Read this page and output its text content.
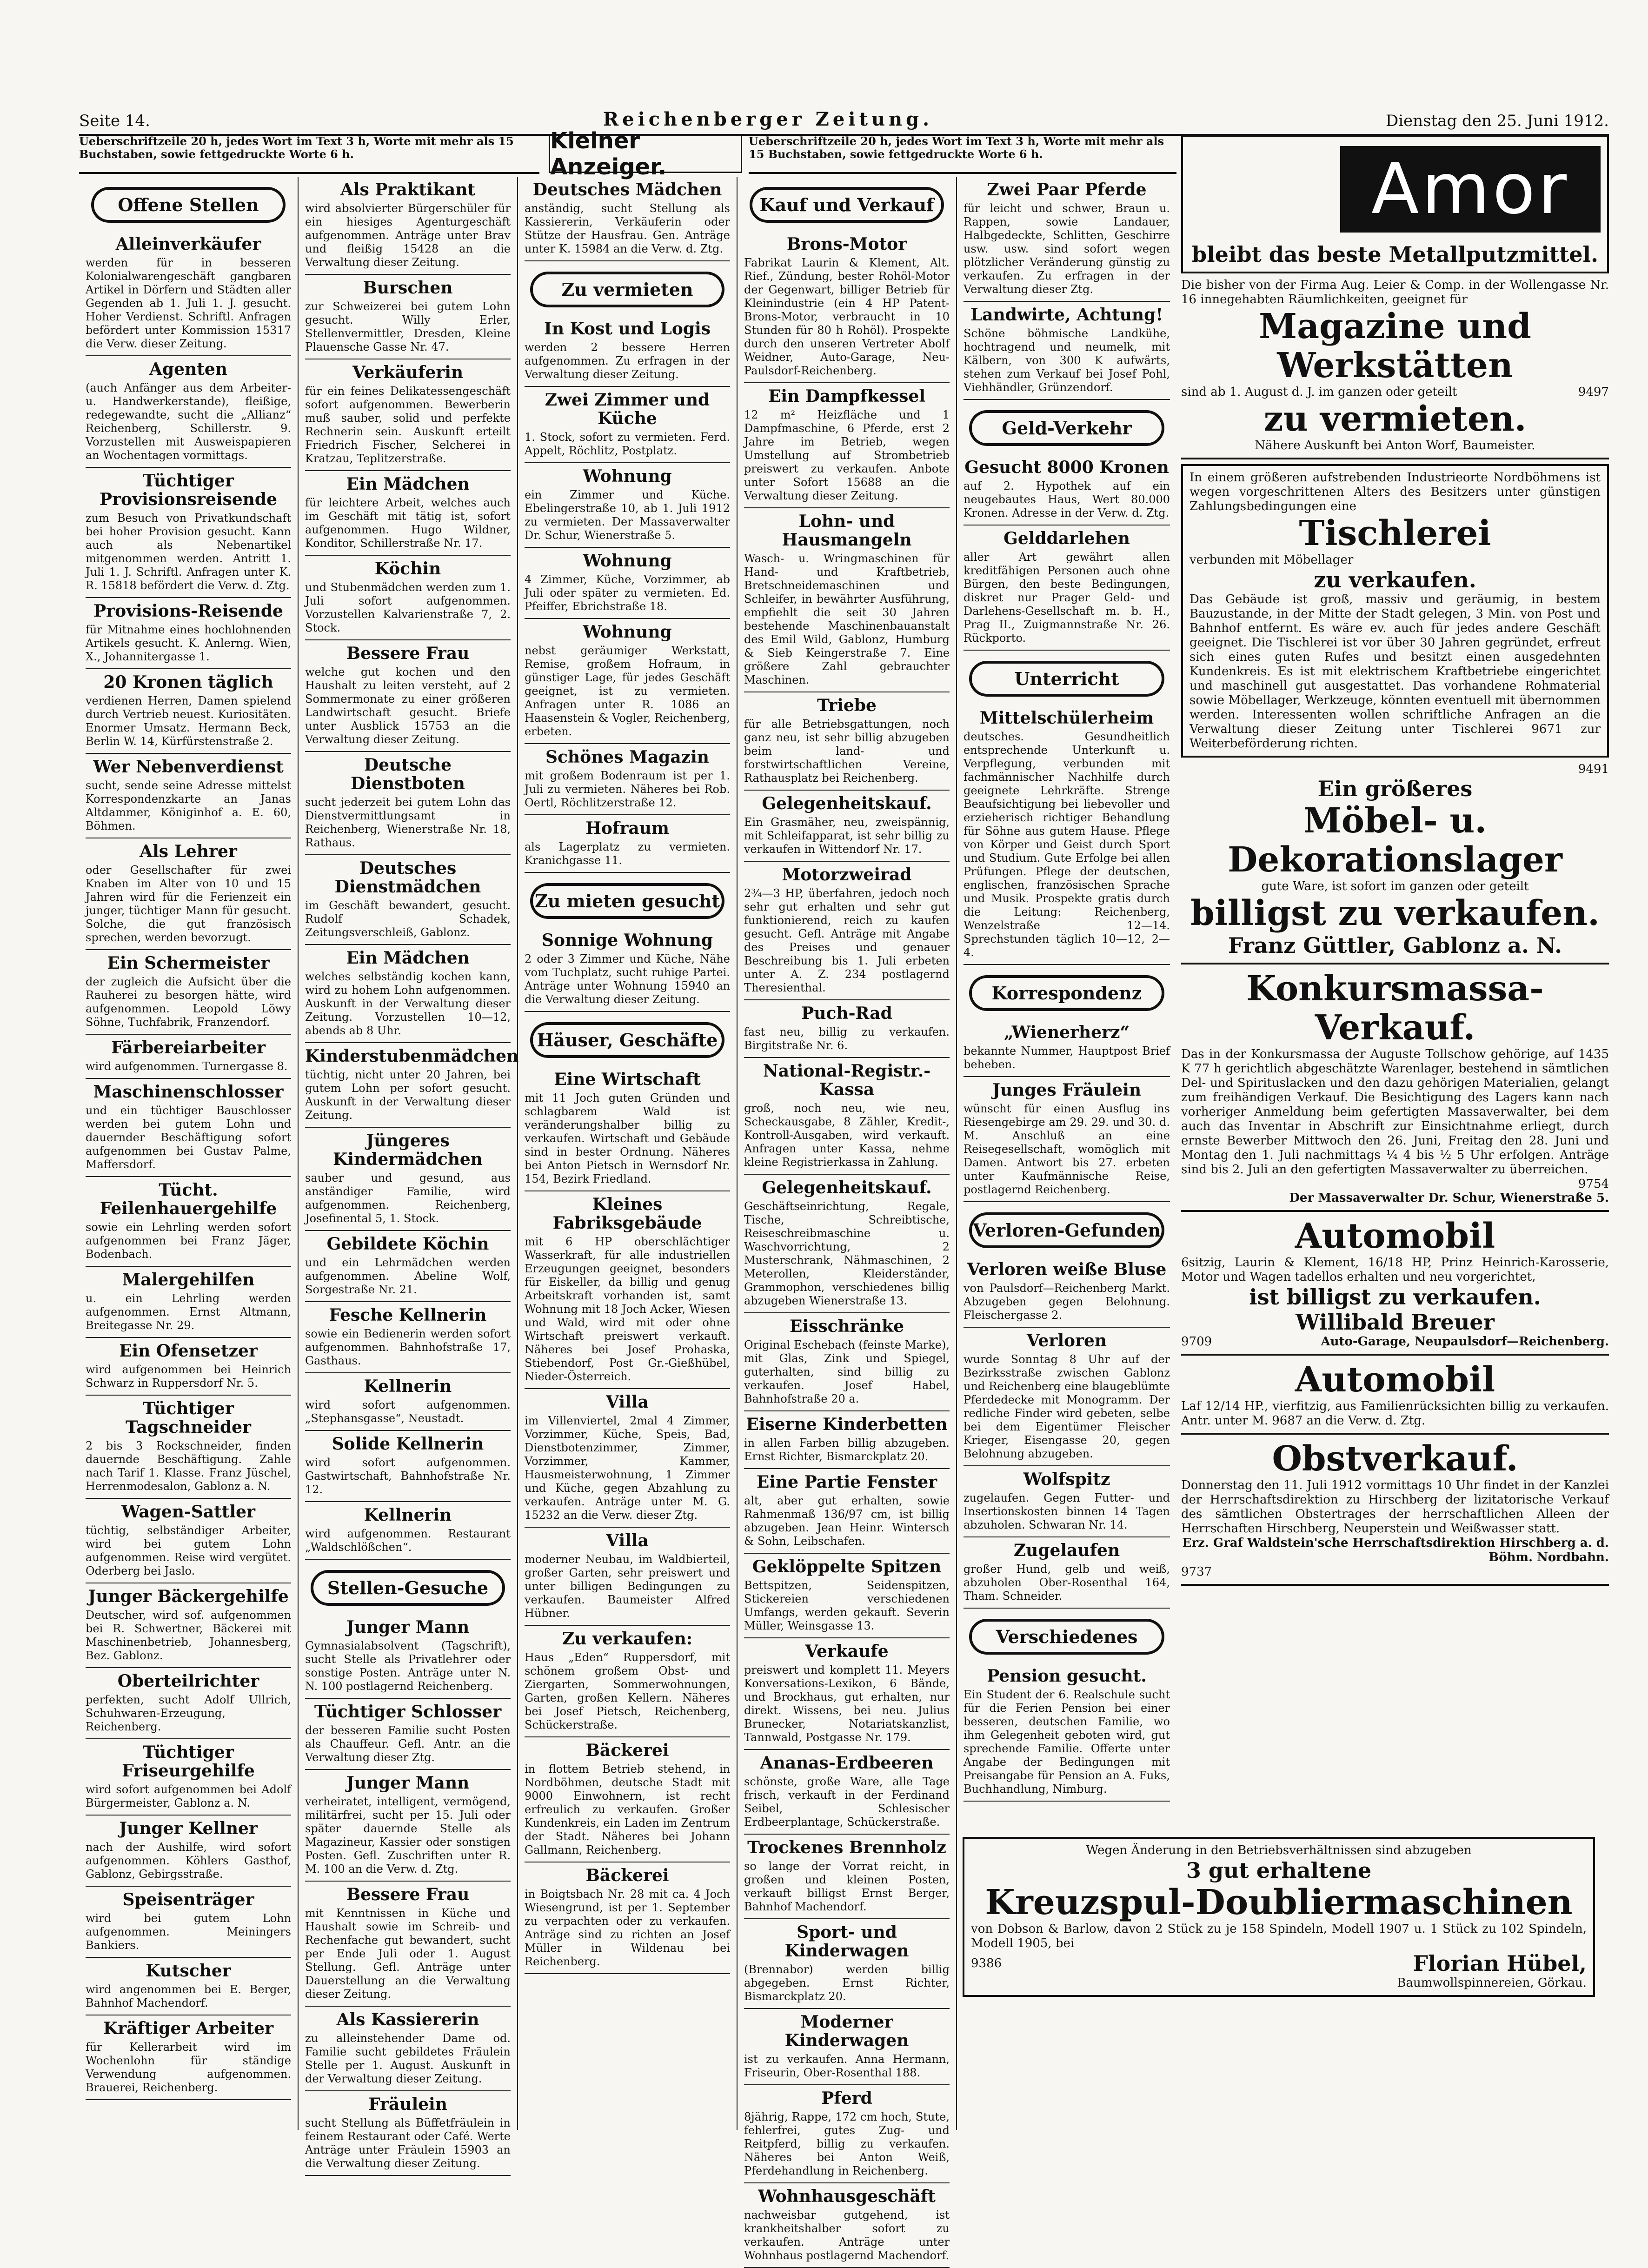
Seite 14.	Reichenberger Zeitung.	Dienstag den 25. Juni 1912.
Ueberschriftzeile 20 h, jedes Wort im Text 3 h, Worte mit mehr als 15 Buchstaben, sowie fettgedruckte Worte 6 h.
Kleiner Anzeiger.
Ueberschriftzeile 20 h, jedes Wort im Text 3 h, Worte mit mehr als 15 Buchstaben, sowie fettgedruckte Worte 6 h.
Offene Stellen
Alleinverkäufer

werden für in besseren Kolonialwarengeschäft gangbaren Artikel in Dörfern und Städten aller Gegenden ab 1. Juli 1. J. gesucht. Hoher Verdienst. Schriftl. Anfragen befördert unter Kommission 15317 die Verw. dieser Zeitung.

Agenten

(auch Anfänger aus dem Arbeiter- u. Handwerkerstande), fleißige, redegewandte, sucht die „Allianz“ Reichenberg, Schillerstr. 9. Vorzustellen mit Ausweispapieren an Wochentagen vormittags.

Tüchtiger Provisionsreisende

zum Besuch von Privatkundschaft bei hoher Provision gesucht. Kann auch als Nebenartikel mitgenommen werden. Antritt 1. Juli 1. J. Schriftl. Anfragen unter K. R. 15818 befördert die Verw. d. Ztg.

Provisions-Reisende

für Mitnahme eines hochlohnenden Artikels gesucht. K. Anlerng. Wien, X., Johannitergasse 1.

20 Kronen täglich

verdienen Herren, Damen spielend durch Vertrieb neuest. Kuriositäten. Enormer Umsatz. Hermann Beck, Berlin W. 14, Kürfürstenstraße 2.

Wer Nebenverdienst

sucht, sende seine Adresse mittelst Korrespondenzkarte an Janas Altdammer, Königinhof a. E. 60, Böhmen.

Als Lehrer

oder Gesellschafter für zwei Knaben im Alter von 10 und 15 Jahren wird für die Ferienzeit ein junger, tüchtiger Mann für gesucht. Solche, die gut französisch sprechen, werden bevorzugt.

Ein Schermeister

der zugleich die Aufsicht über die Rauherei zu besorgen hätte, wird aufgenommen. Leopold Löwy Söhne, Tuchfabrik, Franzendorf.

Färbereiarbeiter

wird aufgenommen. Turnergasse 8.

Maschinenschlosser

und ein tüchtiger Bauschlosser werden bei gutem Lohn und dauernder Beschäftigung sofort aufgenommen bei Gustav Palme, Maffersdorf.

Tücht. Feilenhauergehilfe

sowie ein Lehrling werden sofort aufgenommen bei Franz Jäger, Bodenbach.

Malergehilfen

u. ein Lehrling werden aufgenommen. Ernst Altmann, Breitegasse Nr. 29.

Ein Ofensetzer

wird aufgenommen bei Heinrich Schwarz in Ruppersdorf Nr. 5.

Tüchtiger Tagschneider

2 bis 3 Rockschneider, finden dauernde Beschäftigung. Zahle nach Tarif 1. Klasse. Franz Jüschel, Herrenmodesalon, Gablonz a. N.

Wagen-Sattler

tüchtig, selbständiger Arbeiter, wird bei gutem Lohn aufgenommen. Reise wird vergütet. Oderberg bei Jaslo.

Junger Bäckergehilfe

Deutscher, wird sof. aufgenommen bei R. Schwertner, Bäckerei mit Maschinenbetrieb, Johannesberg, Bez. Gablonz.

Oberteilrichter

perfekten, sucht Adolf Ullrich, Schuhwaren-Erzeugung, Reichenberg.

Tüchtiger Friseurgehilfe

wird sofort aufgenommen bei Adolf Bürgermeister, Gablonz a. N.

Junger Kellner

nach der Aushilfe, wird sofort aufgenommen. Köhlers Gasthof, Gablonz, Gebirgsstraße.

Speisenträger

wird bei gutem Lohn aufgenommen. Meiningers Bankiers.

Kutscher

wird angenommen bei E. Berger, Bahnhof Machendorf.

Kräftiger Arbeiter

für Kellerarbeit wird im Wochenlohn für ständige Verwendung aufgenommen. Brauerei, Reichenberg.

Als Praktikant

wird absolvierter Bürgerschüler für ein hiesiges Agenturgeschäft aufgenommen. Anträge unter Brav und fleißig 15428 an die Verwaltung dieser Zeitung.

Burschen

zur Schweizerei bei gutem Lohn gesucht. Willy Erler, Stellenvermittler, Dresden, Kleine Plauensche Gasse Nr. 47.

Verkäuferin

für ein feines Delikatessengeschäft sofort aufgenommen. Bewerberin muß sauber, solid und perfekte Rechnerin sein. Auskunft erteilt Friedrich Fischer, Selcherei in Kratzau, Teplitzerstraße.

Ein Mädchen

für leichtere Arbeit, welches auch im Geschäft mit tätig ist, sofort aufgenommen. Hugo Wildner, Konditor, Schillerstraße Nr. 17.

Köchin

und Stubenmädchen werden zum 1. Juli sofort aufgenommen. Vorzustellen Kalvarienstraße 7, 2. Stock.

Bessere Frau

welche gut kochen und den Haushalt zu leiten versteht, auf 2 Sommermonate zu einer größeren Landwirtschaft gesucht. Briefe unter Ausblick 15753 an die Verwaltung dieser Zeitung.

Deutsche Dienstboten

sucht jederzeit bei gutem Lohn das Dienstvermittlungsamt in Reichenberg, Wienerstraße Nr. 18, Rathaus.

Deutsches Dienstmädchen

im Geschäft bewandert, gesucht. Rudolf Schadek, Zeitungsverschleiß, Gablonz.

Ein Mädchen

welches selbständig kochen kann, wird zu hohem Lohn aufgenommen. Auskunft in der Verwaltung dieser Zeitung. Vorzustellen 10—12, abends ab 8 Uhr.

Kinderstubenmädchen

tüchtig, nicht unter 20 Jahren, bei gutem Lohn per sofort gesucht. Auskunft in der Verwaltung dieser Zeitung.

Jüngeres Kindermädchen

sauber und gesund, aus anständiger Familie, wird aufgenommen. Reichenberg, Josefinental 5, 1. Stock.

Gebildete Köchin

und ein Lehrmädchen werden aufgenommen. Abeline Wolf, Sorgestraße Nr. 21.

Fesche Kellnerin

sowie ein Bedienerin werden sofort aufgenommen. Bahnhofstraße 17, Gasthaus.

Kellnerin

wird sofort aufgenommen. „Stephansgasse“, Neustadt.

Solide Kellnerin

wird sofort aufgenommen. Gastwirtschaft, Bahnhofstraße Nr. 12.

Kellnerin

wird aufgenommen. Restaurant „Waldschlößchen“.

Stellen-Gesuche
Junger Mann

Gymnasialabsolvent (Tagschrift), sucht Stelle als Privatlehrer oder sonstige Posten. Anträge unter N. N. 100 postlagernd Reichenberg.

Tüchtiger Schlosser

der besseren Familie sucht Posten als Chauffeur. Gefl. Antr. an die Verwaltung dieser Ztg.

Junger Mann

verheiratet, intelligent, vermögend, militärfrei, sucht per 15. Juli oder später dauernde Stelle als Magazineur, Kassier oder sonstigen Posten. Gefl. Zuschriften unter R. M. 100 an die Verw. d. Ztg.

Bessere Frau

mit Kenntnissen in Küche und Haushalt sowie im Schreib- und Rechenfache gut bewandert, sucht per Ende Juli oder 1. August Stellung. Gefl. Anträge unter Dauerstellung an die Verwaltung dieser Zeitung.

Als Kassiererin

zu alleinstehender Dame od. Familie sucht gebildetes Fräulein Stelle per 1. August. Auskunft in der Verwaltung dieser Zeitung.

Fräulein

sucht Stellung als Büffetfräulein in feinem Restaurant oder Café. Werte Anträge unter Fräulein 15903 an die Verwaltung dieser Zeitung.

Deutsches Mädchen

anständig, sucht Stellung als Kassiererin, Verkäuferin oder Stütze der Hausfrau. Gen. Anträge unter K. 15984 an die Verw. d. Ztg.

Zu vermieten
In Kost und Logis

werden 2 bessere Herren aufgenommen. Zu erfragen in der Verwaltung dieser Zeitung.

Zwei Zimmer und Küche

1. Stock, sofort zu vermieten. Ferd. Appelt, Röchlitz, Postplatz.

Wohnung

ein Zimmer und Küche. Ebelingerstraße 10, ab 1. Juli 1912 zu vermieten. Der Massaverwalter Dr. Schur, Wienerstraße 5.

Wohnung

4 Zimmer, Küche, Vorzimmer, ab Juli oder später zu vermieten. Ed. Pfeiffer, Ebrichstraße 18.

Wohnung

nebst geräumiger Werkstatt, Remise, großem Hofraum, in günstiger Lage, für jedes Geschäft geeignet, ist zu vermieten. Anfragen unter R. 1086 an Haasenstein & Vogler, Reichenberg, erbeten.

Schönes Magazin

mit großem Bodenraum ist per 1. Juli zu vermieten. Näheres bei Rob. Oertl, Röchlitzerstraße 12.

Hofraum

als Lagerplatz zu vermieten. Kranichgasse 11.

Zu mieten gesucht
Sonnige Wohnung

2 oder 3 Zimmer und Küche, Nähe vom Tuchplatz, sucht ruhige Partei. Anträge unter Wohnung 15940 an die Verwaltung dieser Zeitung.

Häuser, Geschäfte
Eine Wirtschaft

mit 11 Joch guten Gründen und schlagbarem Wald ist veränderungshalber billig zu verkaufen. Wirtschaft und Gebäude sind in bester Ordnung. Näheres bei Anton Pietsch in Wernsdorf Nr. 154, Bezirk Friedland.

Kleines Fabriksgebäude

mit 6 HP oberschlächtiger Wasserkraft, für alle industriellen Erzeugungen geeignet, besonders für Eiskeller, da billig und genug Arbeitskraft vorhanden ist, samt Wohnung mit 18 Joch Acker, Wiesen und Wald, wird mit oder ohne Wirtschaft preiswert verkauft. Näheres bei Josef Prohaska, Stiebendorf, Post Gr.-Gießhübel, Nieder-Österreich.

Villa

im Villenviertel, 2mal 4 Zimmer, Vorzimmer, Küche, Speis, Bad, Dienstbotenzimmer, Zimmer, Vorzimmer, Kammer, Hausmeisterwohnung, 1 Zimmer und Küche, gegen Abzahlung zu verkaufen. Anträge unter M. G. 15232 an die Verw. dieser Ztg.

Villa

moderner Neubau, im Waldbierteil, großer Garten, sehr preiswert und unter billigen Bedingungen zu verkaufen. Baumeister Alfred Hübner.

Zu verkaufen:

Haus „Eden“ Ruppersdorf, mit schönem großem Obst- und Ziergarten, Sommerwohnungen, Garten, großen Kellern. Näheres bei Josef Pietsch, Reichenberg, Schückerstraße.

Bäckerei

in flottem Betrieb stehend, in Nordböhmen, deutsche Stadt mit 9000 Einwohnern, ist recht erfreulich zu verkaufen. Großer Kundenkreis, ein Laden im Zentrum der Stadt. Näheres bei Johann Gallmann, Reichenberg.

Bäckerei

in Boigtsbach Nr. 28 mit ca. 4 Joch Wiesengrund, ist per 1. September zu verpachten oder zu verkaufen. Anträge sind zu richten an Josef Müller in Wildenau bei Reichenberg.

Kauf und Verkauf
Brons-Motor

Fabrikat Laurin & Klement, Alt. Rief., Zündung, bester Rohöl-Motor der Gegenwart, billiger Betrieb für Kleinindustrie (ein 4 HP Patent-Brons-Motor, verbraucht in 10 Stunden für 80 h Rohöl). Prospekte durch den unseren Vertreter Abolf Weidner, Auto-Garage, Neu-Paulsdorf-Reichenberg.

Ein Dampfkessel

12 m² Heizfläche und 1 Dampfmaschine, 6 Pferde, erst 2 Jahre im Betrieb, wegen Umstellung auf Strombetrieb preiswert zu verkaufen. Anbote unter Sofort 15688 an die Verwaltung dieser Zeitung.

Lohn- und Hausmangeln

Wasch- u. Wringmaschinen für Hand- und Kraftbetrieb, Bretschneidemaschinen und Schleifer, in bewährter Ausführung, empfiehlt die seit 30 Jahren bestehende Maschinenbauanstalt des Emil Wild, Gablonz, Humburg & Sieb Keingerstraße 7. Eine größere Zahl gebrauchter Maschinen.

Triebe

für alle Betriebsgattungen, noch ganz neu, ist sehr billig abzugeben beim land- und forstwirtschaftlichen Vereine, Rathausplatz bei Reichenberg.

Gelegenheitskauf.

Ein Grasmäher, neu, zweispännig, mit Schleifapparat, ist sehr billig zu verkaufen in Wittendorf Nr. 17.

Motorzweirad

2¾—3 HP, überfahren, jedoch noch sehr gut erhalten und sehr gut funktionierend, reich zu kaufen gesucht. Gefl. Anträge mit Angabe des Preises und genauer Beschreibung bis 1. Juli erbeten unter A. Z. 234 postlagernd Theresienthal.

Puch-Rad

fast neu, billig zu verkaufen. Birgitstraße Nr. 6.

National-Registr.-Kassa

groß, noch neu, wie neu, Scheckausgabe, 8 Zähler, Kredit-, Kontroll-Ausgaben, wird verkauft. Anfragen unter Kassa, nehme kleine Registrierkassa in Zahlung.

Gelegenheitskauf.

Geschäftseinrichtung, Regale, Tische, Schreibtische, Reiseschreibmaschine u. Waschvorrichtung, 2 Musterschrank, Nähmaschinen, 2 Meterollen, Kleiderständer, Grammophon, verschiedenes billig abzugeben Wienerstraße 13.

Eisschränke

Original Eschebach (feinste Marke), mit Glas, Zink und Spiegel, guterhalten, sind billig zu verkaufen. Josef Habel, Bahnhofstraße 20 a.

Eiserne Kinderbetten

in allen Farben billig abzugeben. Ernst Richter, Bismarckplatz 20.

Eine Partie Fenster

alt, aber gut erhalten, sowie Rahmenmaß 136/97 cm, ist billig abzugeben. Jean Heinr. Wintersch & Sohn, Leibschafen.

Geklöppelte Spitzen

Bettspitzen, Seidenspitzen, Stickereien verschiedenen Umfangs, werden gekauft. Severin Müller, Weinsgasse 13.

Verkaufe

preiswert und komplett 11. Meyers Konversations-Lexikon, 6 Bände, und Brockhaus, gut erhalten, nur direkt. Wissens, bei neu. Julius Brunecker, Notariatskanzlist, Tannwald, Postgasse Nr. 179.

Ananas-Erdbeeren

schönste, große Ware, alle Tage frisch, verkauft in der Ferdinand Seibel, Schlesischer Erdbeerplantage, Schückerstraße.

Trockenes Brennholz

so lange der Vorrat reicht, in großen und kleinen Posten, verkauft billigst Ernst Berger, Bahnhof Machendorf.

Sport- und Kinderwagen

(Brennabor) werden billig abgegeben. Ernst Richter, Bismarckplatz 20.

Moderner Kinderwagen

ist zu verkaufen. Anna Hermann, Friseurin, Ober-Rosenthal 188.

Pferd

8jährig, Rappe, 172 cm hoch, Stute, fehlerfrei, gutes Zug- und Reitpferd, billig zu verkaufen. Näheres bei Anton Weiß, Pferdehandlung in Reichenberg.

Wohnhausgeschäft

nachweisbar gutgehend, ist krankheitshalber sofort zu verkaufen. Anträge unter Wohnhaus postlagernd Machendorf.

Zwei Paar Pferde

für leicht und schwer, Braun u. Rappen, sowie Landauer, Halbgedeckte, Schlitten, Geschirre usw. usw. sind sofort wegen plötzlicher Veränderung günstig zu verkaufen. Zu erfragen in der Verwaltung dieser Ztg.

Landwirte, Achtung!

Schöne böhmische Landkühe, hochtragend und neumelk, mit Kälbern, von 300 K aufwärts, stehen zum Verkauf bei Josef Pohl, Viehhändler, Grünzendorf.

Geld-Verkehr
Gesucht 8000 Kronen

auf 2. Hypothek auf ein neugebautes Haus, Wert 80.000 Kronen. Adresse in der Verw. d. Ztg.

Gelddarlehen

aller Art gewährt allen kreditfähigen Personen auch ohne Bürgen, den beste Bedingungen, diskret nur Prager Geld- und Darlehens-Gesellschaft m. b. H., Prag II., Zuigmannstraße Nr. 26. Rückporto.

Unterricht
Mittelschülerheim

deutsches. Gesundheitlich entsprechende Unterkunft u. Verpflegung, verbunden mit fachmännischer Nachhilfe durch geeignete Lehrkräfte. Strenge Beaufsichtigung bei liebevoller und erzieherisch richtiger Behandlung für Söhne aus gutem Hause. Pflege von Körper und Geist durch Sport und Studium. Gute Erfolge bei allen Prüfungen. Pflege der deutschen, englischen, französischen Sprache und Musik. Prospekte gratis durch die Leitung: Reichenberg, Wenzelstraße 12—14. Sprechstunden täglich 10—12, 2—4.

Korrespondenz
„Wienerherz“

bekannte Nummer, Hauptpost Brief beheben.

Junges Fräulein

wünscht für einen Ausflug ins Riesengebirge am 29. 29. und 30. d. M. Anschluß an eine Reisegesellschaft, womöglich mit Damen. Antwort bis 27. erbeten unter Kaufmännische Reise, postlagernd Reichenberg.

Verloren-Gefunden
Verloren weiße Bluse

von Paulsdorf—Reichenberg Markt. Abzugeben gegen Belohnung. Fleischergasse 2.

Verloren

wurde Sonntag 8 Uhr auf der Bezirksstraße zwischen Gablonz und Reichenberg eine blaugeblümte Pferdedecke mit Monogramm. Der redliche Finder wird gebeten, selbe bei dem Eigentümer Fleischer Krieger, Eisengasse 20, gegen Belohnung abzugeben.

Wolfspitz

zugelaufen. Gegen Futter- und Insertionskosten binnen 14 Tagen abzuholen. Schwaran Nr. 14.

Zugelaufen

großer Hund, gelb und weiß, abzuholen Ober-Rosenthal 164, Tham. Schneider.

Verschiedenes
Pension gesucht.

Ein Student der 6. Realschule sucht für die Ferien Pension bei einer besseren, deutschen Familie, wo ihm Gelegenheit geboten wird, gut sprechende Familie. Offerte unter Angabe der Bedingungen mit Preisangabe für Pension an A. Fuks, Buchhandlung, Nimburg.

Amor
bleibt das beste Metallputzmittel.
Die bisher von der Firma Aug. Leier & Comp. in der Wollengasse Nr. 16 innegehabten Räumlichkeiten, geeignet für
Magazine und Werkstätten
sind ab 1. August d. J. im ganzen oder geteilt	9497
zu vermieten.
Nähere Auskunft bei Anton Worf, Baumeister.
In einem größeren aufstrebenden Industrieorte Nordböhmens ist wegen vorgeschrittenen Alters des Besitzers unter günstigen Zahlungsbedingungen eine
Tischlerei
verbunden mit Möbellager
zu verkaufen.
Das Gebäude ist groß, massiv und geräumig, in bestem Bauzustande, in der Mitte der Stadt gelegen, 3 Min. von Post und Bahnhof entfernt. Es wäre ev. auch für jedes andere Geschäft geeignet. Die Tischlerei ist vor über 30 Jahren gegründet, erfreut sich eines guten Rufes und besitzt einen ausgedehnten Kundenkreis. Es ist mit elektrischem Kraftbetriebe eingerichtet und maschinell gut ausgestattet. Das vorhandene Rohmaterial sowie Möbellager, Werkzeuge, könnten eventuell mit übernommen werden. Interessenten wollen schriftliche Anfragen an die Verwaltung dieser Zeitung unter Tischlerei 9671 zur Weiterbeförderung richten.
9491
Ein größeres
Möbel- u. Dekorationslager
gute Ware, ist sofort im ganzen oder geteilt
billigst zu verkaufen.
Franz Güttler, Gablonz a. N.
Konkursmassa-Verkauf.
Das in der Konkursmassa der Auguste Tollschow gehörige, auf 1435 K 77 h gerichtlich abgeschätzte Warenlager, bestehend in sämtlichen Del- und Spirituslacken und den dazu gehörigen Materialien, gelangt zum freihändigen Verkauf. Die Besichtigung des Lagers kann nach vorheriger Anmeldung beim gefertigten Massaverwalter, bei dem auch das Inventar in Abschrift zur Einsichtnahme erliegt, durch ernste Bewerber Mittwoch den 26. Juni, Freitag den 28. Juni und Montag den 1. Juli nachmittags ¼ 4 bis ½ 5 Uhr erfolgen. Anträge sind bis 2. Juli an den gefertigten Massaverwalter zu überreichen.
9754
Der Massaverwalter Dr. Schur, Wienerstraße 5.
Automobil
6sitzig, Laurin & Klement, 16/18 HP, Prinz Heinrich-Karosserie, Motor und Wagen tadellos erhalten und neu vorgerichtet,
ist billigst zu verkaufen.
Willibald Breuer
9709	Auto-Garage, Neupaulsdorf—Reichenberg.
Automobil
Laf 12/14 HP., vierfitzig, aus Familienrücksichten billig zu verkaufen. Antr. unter M. 9687 an die Verw. d. Ztg.
Obstverkauf.
Donnerstag den 11. Juli 1912 vormittags 10 Uhr findet in der Kanzlei der Herrschaftsdirektion zu Hirschberg der lizitatorische Verkauf des sämtlichen Obstertrages der herrschaftlichen Alleen der Herrschaften Hirschberg, Neuperstein und Weißwasser statt.
Erz. Graf Waldstein'sche Herrschaftsdirektion Hirschberg a. d. Böhm. Nordbahn.
9737
Wegen Änderung in den Betriebsverhältnissen sind abzugeben
3 gut erhaltene
Kreuzspul-Doubliermaschinen
von Dobson & Barlow, davon 2 Stück zu je 158 Spindeln, Modell 1907 u. 1 Stück zu 102 Spindeln, Modell 1905, bei
9386	Florian Hübel,
Baumwollspinnereien, Görkau.
